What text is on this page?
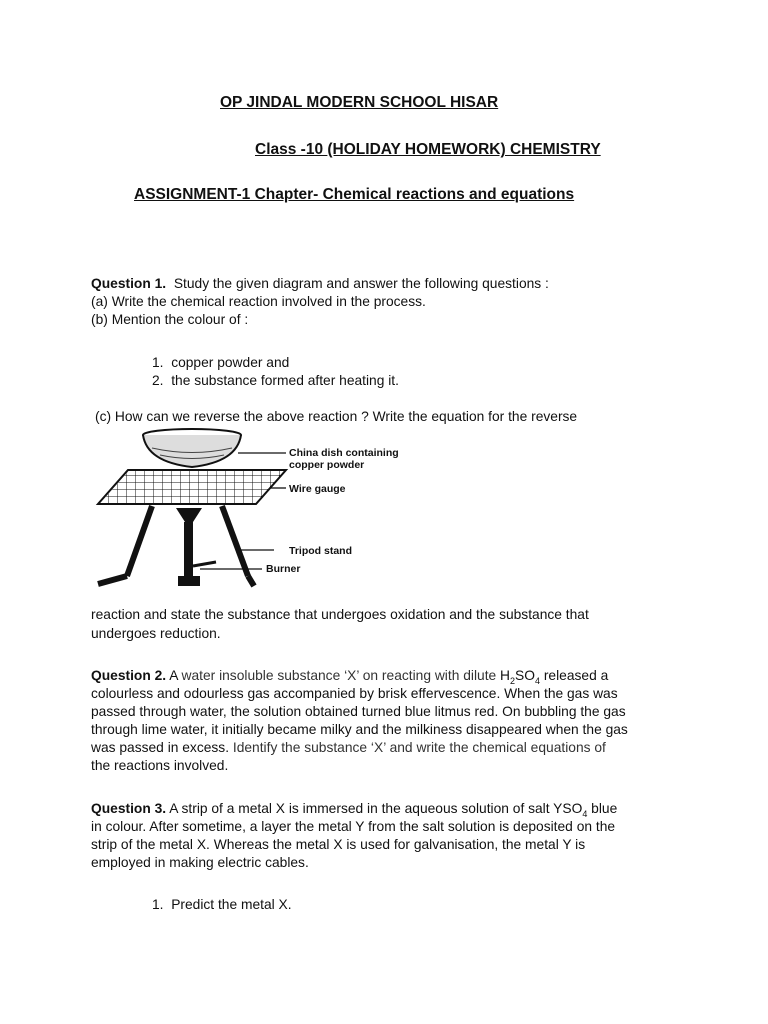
OP JINDAL MODERN SCHOOL HISAR
Class -10 (HOLIDAY HOMEWORK) CHEMISTRY
ASSIGNMENT-1 Chapter- Chemical reactions and equations
Question 1. Study the given diagram and answer the following questions :
(a) Write the chemical reaction involved in the process.
(b) Mention the colour of :
1. copper powder and
2. the substance formed after heating it.
(c) How can we reverse the above reaction ? Write the equation for the reverse
China dish containing
copper powder
Wire gauge
Tripod stand
Burner
reaction and state the substance that undergoes oxidation and the substance that
undergoes reduction.
Question 2. A water insoluble substance ‘X’ on reacting with dilute $H_2SO_4$ released a
colourless and odourless gas accompanied by brisk effervescence. When the gas was
passed through water, the solution obtained turned blue litmus red. On bubbling the gas
through lime water, it initially became milky and the milkiness disappeared when the gas
was passed in excess. Identify the substance ‘X’ and write the chemical equations of
the reactions involved.
Question 3. A strip of a metal X is immersed in the aqueous solution of salt $YSO_4$ blue
in colour. After sometime, a layer the metal Y from the salt solution is deposited on the
strip of the metal X. Whereas the metal X is used for galvanisation, the metal Y is
employed in making electric cables.
1. Predict the metal X.
